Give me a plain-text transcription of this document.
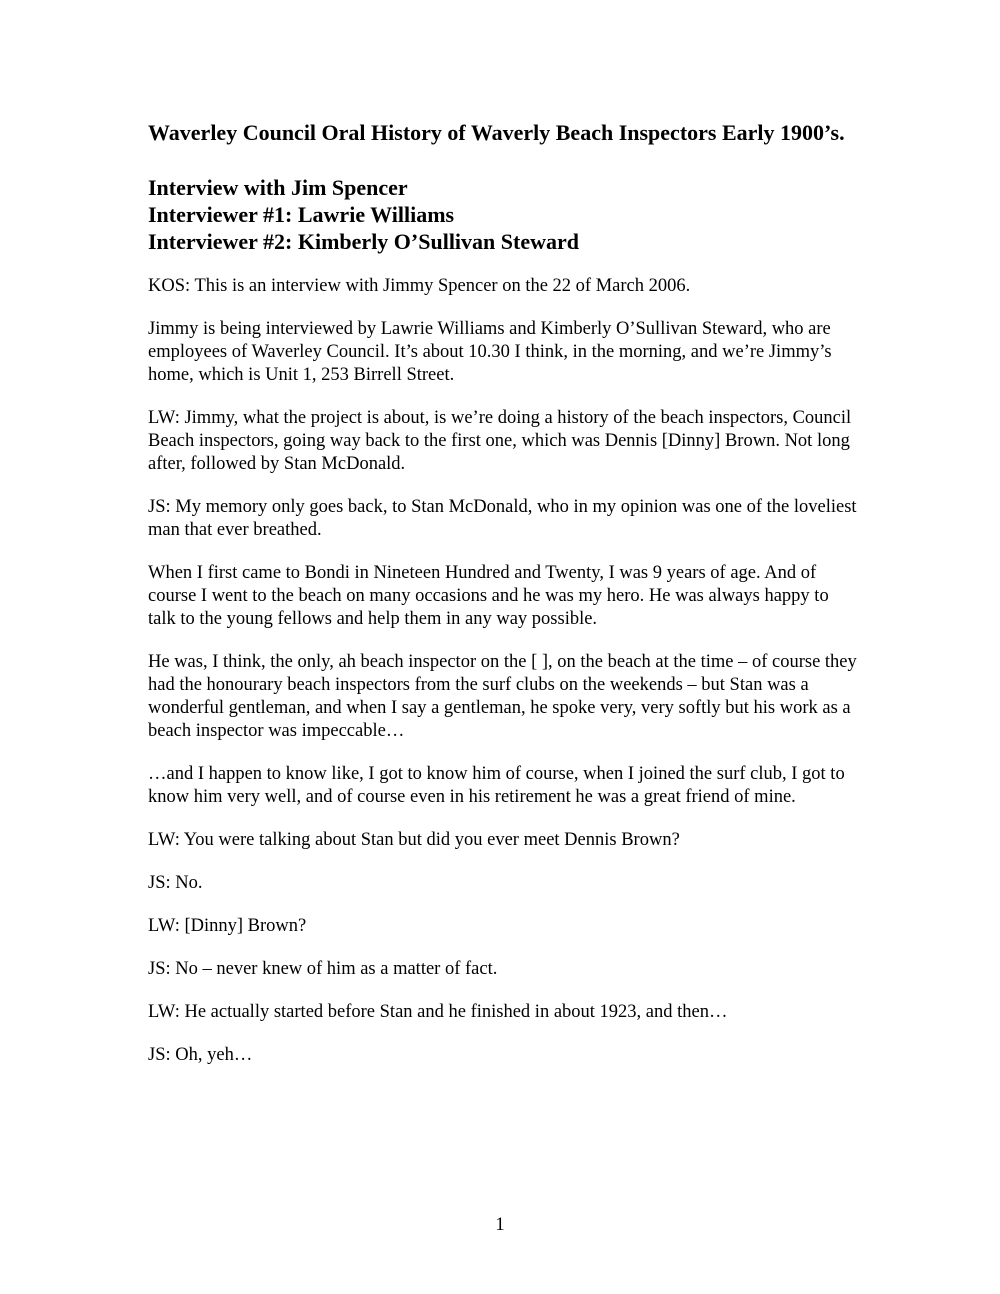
Waverley Council Oral History of Waverly Beach Inspectors Early 1900’s.

Interview with Jim Spencer

Interviewer #1: Lawrie Williams

Interviewer #2: Kimberly O’Sullivan Steward

KOS: This is an interview with Jimmy Spencer on the 22 of March 2006.

Jimmy is being interviewed by Lawrie Williams and Kimberly O’Sullivan Steward, who are employees of Waverley Council. It’s about 10.30 I think, in the morning, and we’re Jimmy’s home, which is Unit 1, 253 Birrell Street.

LW: Jimmy, what the project is about, is we’re doing a history of the beach inspectors, Council Beach inspectors, going way back to the first one, which was Dennis [Dinny] Brown. Not long after, followed by Stan McDonald.

JS: My memory only goes back, to Stan McDonald, who in my opinion was one of the loveliest man that ever breathed.

When I first came to Bondi in Nineteen Hundred and Twenty, I was 9 years of age. And of course I went to the beach on many occasions and he was my hero. He was always happy to talk to the young fellows and help them in any way possible.

He was, I think, the only, ah beach inspector on the [ ], on the beach at the time – of course they had the honourary beach inspectors from the surf clubs on the weekends – but Stan was a wonderful gentleman, and when I say a gentleman, he spoke very, very softly but his work as a beach inspector was impeccable…

…and I happen to know like, I got to know him of course, when I joined the surf club, I got to know him very well, and of course even in his retirement he was a great friend of mine.

LW: You were talking about Stan but did you ever meet Dennis Brown?

JS: No.

LW: [Dinny] Brown?

JS: No – never knew of him as a matter of fact.

LW: He actually started before Stan and he finished in about 1923, and then…

JS: Oh, yeh…

1
